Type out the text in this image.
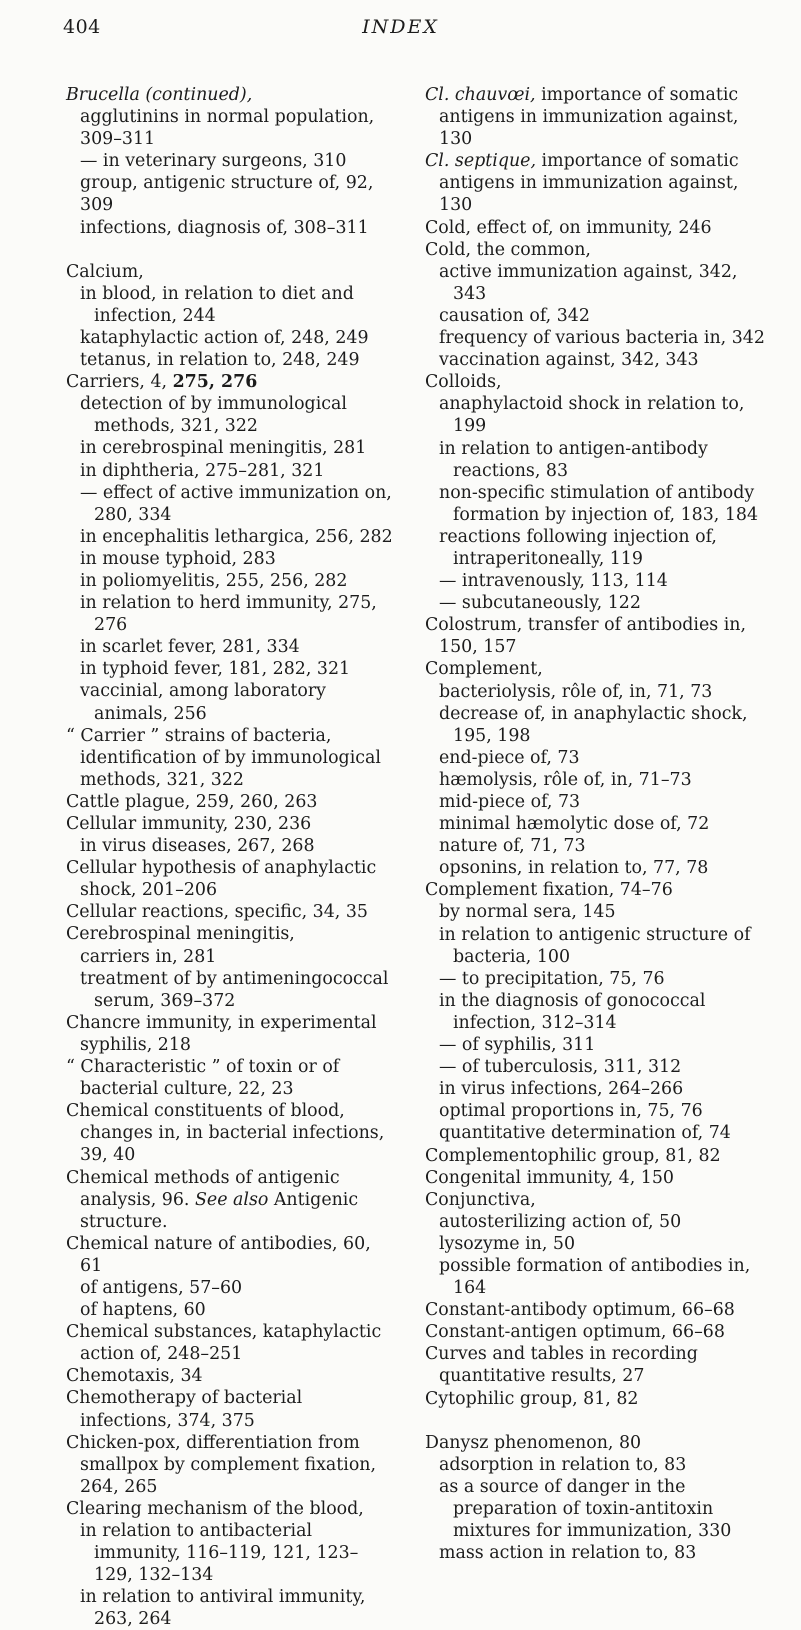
404	INDEX

Brucella (continued),

agglutinins in normal population, 309–311

— in veterinary surgeons, 310

group, antigenic structure of, 92, 309

infections, diagnosis of, 308–311

Calcium,

in blood, in relation to diet and infection, 244

kataphylactic action of, 248, 249

tetanus, in relation to, 248, 249

Carriers, 4, 275, 276

detection of by immunological methods, 321, 322

in cerebrospinal meningitis, 281

in diphtheria, 275–281, 321

— effect of active immunization on, 280, 334

in encephalitis lethargica, 256, 282

in mouse typhoid, 283

in poliomyelitis, 255, 256, 282

in relation to herd immunity, 275, 276

in scarlet fever, 281, 334

in typhoid fever, 181, 282, 321

vaccinial, among laboratory animals, 256

“ Carrier ” strains of bacteria, identification of by immunological methods, 321, 322

Cattle plague, 259, 260, 263

Cellular immunity, 230, 236

in virus diseases, 267, 268

Cellular hypothesis of anaphylactic shock, 201–206

Cellular reactions, specific, 34, 35

Cerebrospinal meningitis,

carriers in, 281

treatment of by antimeningococcal serum, 369–372

Chancre immunity, in experimental syphilis, 218

“ Characteristic ” of toxin or of bacterial culture, 22, 23

Chemical constituents of blood, changes in, in bacterial infections, 39, 40

Chemical methods of antigenic analysis, 96. See also Antigenic structure.

Chemical nature of antibodies, 60, 61

of antigens, 57–60

of haptens, 60

Chemical substances, kataphylactic action of, 248–251

Chemotaxis, 34

Chemotherapy of bacterial infections, 374, 375

Chicken-pox, differentiation from smallpox by complement fixation, 264, 265

Clearing mechanism of the blood,

in relation to antibacterial immunity, 116–119, 121, 123–129, 132–134

in relation to antiviral immunity, 263, 264

Cl. chauvœi, importance of somatic antigens in immunization against, 130

Cl. septique, importance of somatic antigens in immunization against, 130

Cold, effect of, on immunity, 246

Cold, the common,

active immunization against, 342, 343

causation of, 342

frequency of various bacteria in, 342

vaccination against, 342, 343

Colloids,

anaphylactoid shock in relation to, 199

in relation to antigen-antibody reactions, 83

non-specific stimulation of antibody formation by injection of, 183, 184

reactions following injection of, intraperitoneally, 119

— intravenously, 113, 114

— subcutaneously, 122

Colostrum, transfer of antibodies in, 150, 157

Complement,

bacteriolysis, rôle of, in, 71, 73

decrease of, in anaphylactic shock, 195, 198

end-piece of, 73

hæmolysis, rôle of, in, 71–73

mid-piece of, 73

minimal hæmolytic dose of, 72

nature of, 71, 73

opsonins, in relation to, 77, 78

Complement fixation, 74–76

by normal sera, 145

in relation to antigenic structure of bacteria, 100

— to precipitation, 75, 76

in the diagnosis of gonococcal infection, 312–314

— of syphilis, 311

— of tuberculosis, 311, 312

in virus infections, 264–266

optimal proportions in, 75, 76

quantitative determination of, 74

Complementophilic group, 81, 82

Congenital immunity, 4, 150

Conjunctiva,

autosterilizing action of, 50

lysozyme in, 50

possible formation of antibodies in, 164

Constant-antibody optimum, 66–68

Constant-antigen optimum, 66–68

Curves and tables in recording quantitative results, 27

Cytophilic group, 81, 82

Danysz phenomenon, 80

adsorption in relation to, 83

as a source of danger in the preparation of toxin-antitoxin mixtures for immunization, 330

mass action in relation to, 83
